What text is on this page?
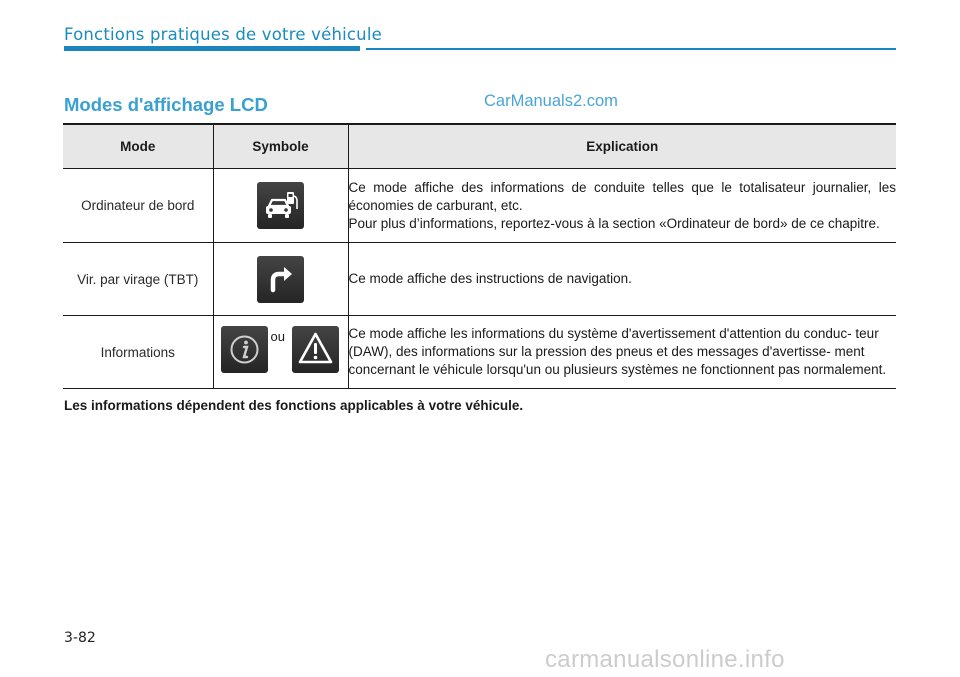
Fonctions pratiques de votre véhicule
Modes d'affichage LCD	CarManuals2.com
Mode	Symbole	Explication
Ordinateur de bord		Ce mode affiche des informations de conduite telles que le totalisateur journalier, les économies de carburant, etc.
Pour plus d’informations, reportez-vous à la section «Ordinateur de bord» de ce chapitre.

Vir. par virage (TBT)		Ce mode affiche des instructions de navigation.

Informations	ou	Ce mode affiche les informations du système d'avertissement d'attention du conduc- teur (DAW), des informations sur la pression des pneus et des messages d'avertisse- ment concernant le véhicule lorsqu'un ou plusieurs systèmes ne fonctionnent pas normalement.
Les informations dépendent des fonctions applicables à votre véhicule.
3-82
carmanualsonline.info
